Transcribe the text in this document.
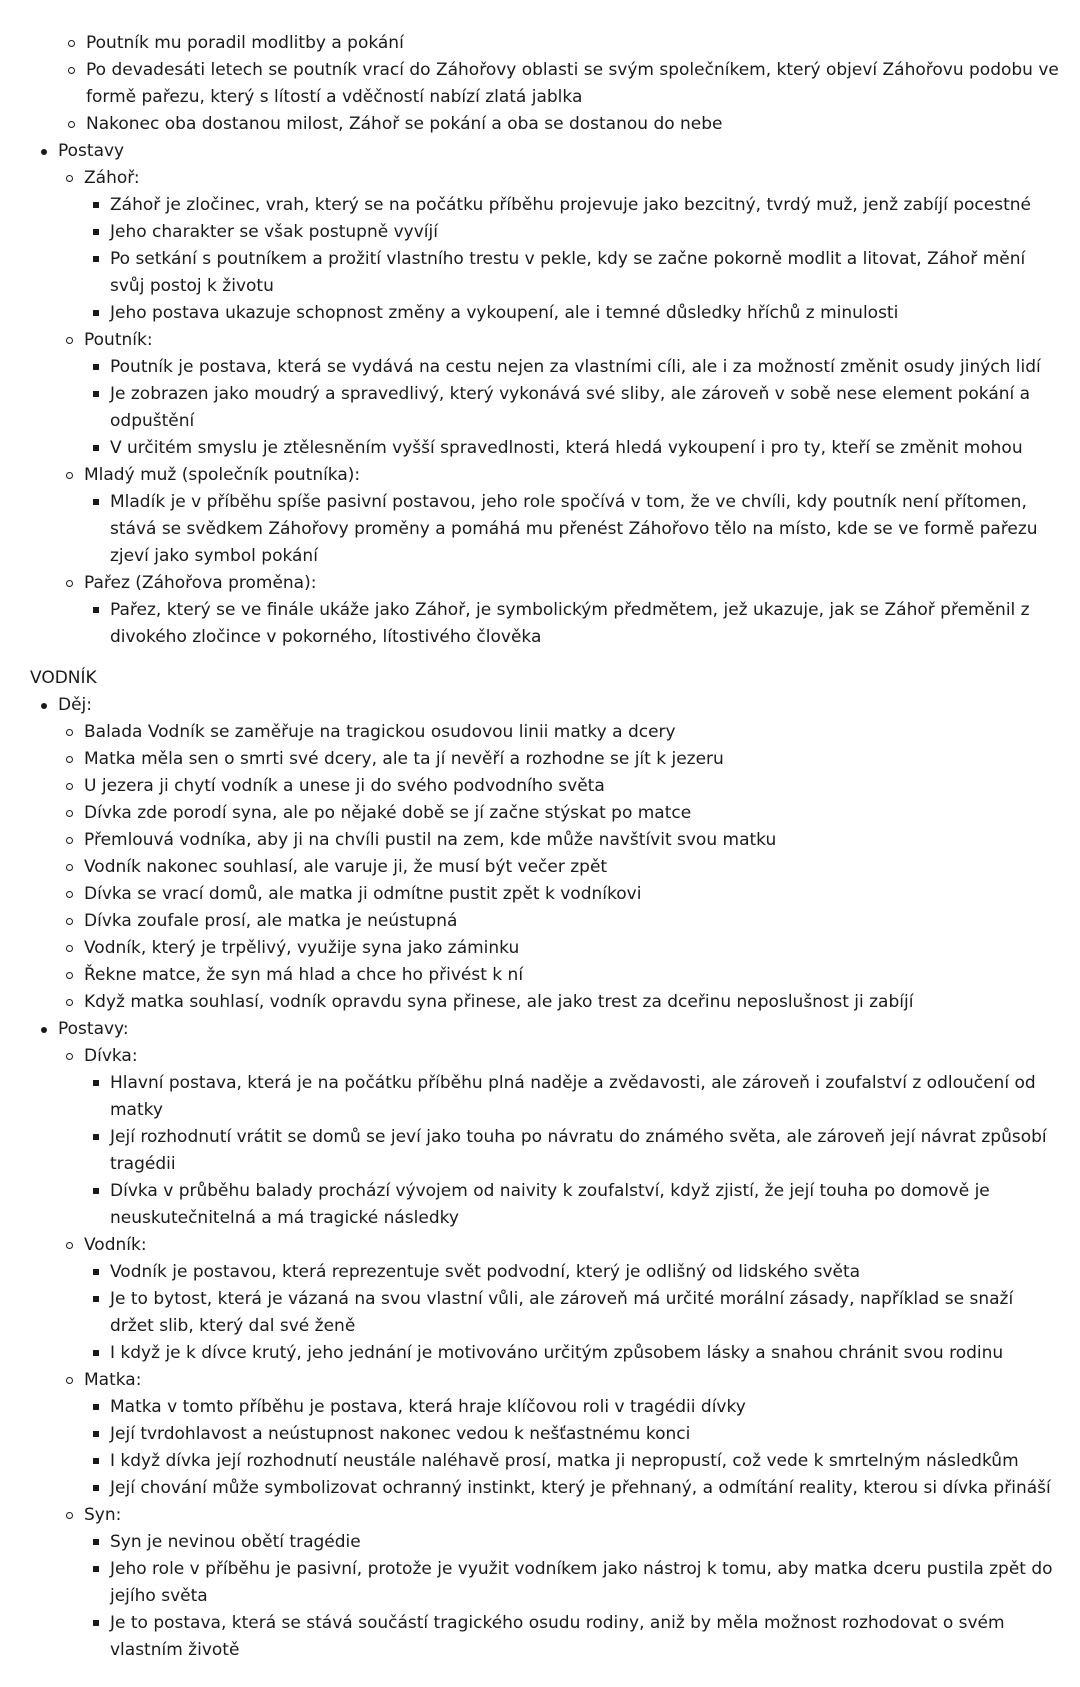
Poutník mu poradil modlitby a pokání
Po devadesáti letech se poutník vrací do Záhořovy oblasti se svým společníkem, který objeví Záhořovu podobu ve formě pařezu, který s lítostí a vděčností nabízí zlatá jablka
Nakonec oba dostanou milost, Záhoř se pokání a oba se dostanou do nebe
Postavy
Záhoř:
Záhoř je zločinec, vrah, který se na počátku příběhu projevuje jako bezcitný, tvrdý muž, jenž zabíjí pocestné
Jeho charakter se však postupně vyvíjí
Po setkání s poutníkem a prožití vlastního trestu v pekle, kdy se začne pokorně modlit a litovat, Záhoř mění svůj postoj k životu
Jeho postava ukazuje schopnost změny a vykoupení, ale i temné důsledky hříchů z minulosti
Poutník:
Poutník je postava, která se vydává na cestu nejen za vlastními cíli, ale i za možností změnit osudy jiných lidí
Je zobrazen jako moudrý a spravedlivý, který vykonává své sliby, ale zároveň v sobě nese element pokání a odpuštění
V určitém smyslu je ztělesněním vyšší spravedlnosti, která hledá vykoupení i pro ty, kteří se změnit mohou
Mladý muž (společník poutníka):
Mladík je v příběhu spíše pasivní postavou, jeho role spočívá v tom, že ve chvíli, kdy poutník není přítomen, stává se svědkem Záhořovy proměny a pomáhá mu přenést Záhořovo tělo na místo, kde se ve formě pařezu zjeví jako symbol pokání
Pařez (Záhořova proměna):
Pařez, který se ve finále ukáže jako Záhoř, je symbolickým předmětem, jež ukazuje, jak se Záhoř přeměnil z divokého zločince v pokorného, lítostivého člověka
VODNÍK
Děj:
Balada Vodník se zaměřuje na tragickou osudovou linii matky a dcery
Matka měla sen o smrti své dcery, ale ta jí nevěří a rozhodne se jít k jezeru
U jezera ji chytí vodník a unese ji do svého podvodního světa
Dívka zde porodí syna, ale po nějaké době se jí začne stýskat po matce
Přemlouvá vodníka, aby ji na chvíli pustil na zem, kde může navštívit svou matku
Vodník nakonec souhlasí, ale varuje ji, že musí být večer zpět
Dívka se vrací domů, ale matka ji odmítne pustit zpět k vodníkovi
Dívka zoufale prosí, ale matka je neústupná
Vodník, který je trpělivý, využije syna jako záminku
Řekne matce, že syn má hlad a chce ho přivést k ní
Když matka souhlasí, vodník opravdu syna přinese, ale jako trest za dceřinu neposlušnost ji zabíjí
Postavy:
Dívka:
Hlavní postava, která je na počátku příběhu plná naděje a zvědavosti, ale zároveň i zoufalství z odloučení od matky
Její rozhodnutí vrátit se domů se jeví jako touha po návratu do známého světa, ale zároveň její návrat způsobí tragédii
Dívka v průběhu balady prochází vývojem od naivity k zoufalství, když zjistí, že její touha po domově je neuskutečnitelná a má tragické následky
Vodník:
Vodník je postavou, která reprezentuje svět podvodní, který je odlišný od lidského světa
Je to bytost, která je vázaná na svou vlastní vůli, ale zároveň má určité morální zásady, například se snaží držet slib, který dal své ženě
I když je k dívce krutý, jeho jednání je motivováno určitým způsobem lásky a snahou chránit svou rodinu
Matka:
Matka v tomto příběhu je postava, která hraje klíčovou roli v tragédii dívky
Její tvrdohlavost a neústupnost nakonec vedou k nešťastnému konci
I když dívka její rozhodnutí neustále naléhavě prosí, matka ji nepropustí, což vede k smrtelným následkům
Její chování může symbolizovat ochranný instinkt, který je přehnaný, a odmítání reality, kterou si dívka přináší
Syn:
Syn je nevinou obětí tragédie
Jeho role v příběhu je pasivní, protože je využit vodníkem jako nástroj k tomu, aby matka dceru pustila zpět do jejího světa
Je to postava, která se stává součástí tragického osudu rodiny, aniž by měla možnost rozhodovat o svém vlastním životě
